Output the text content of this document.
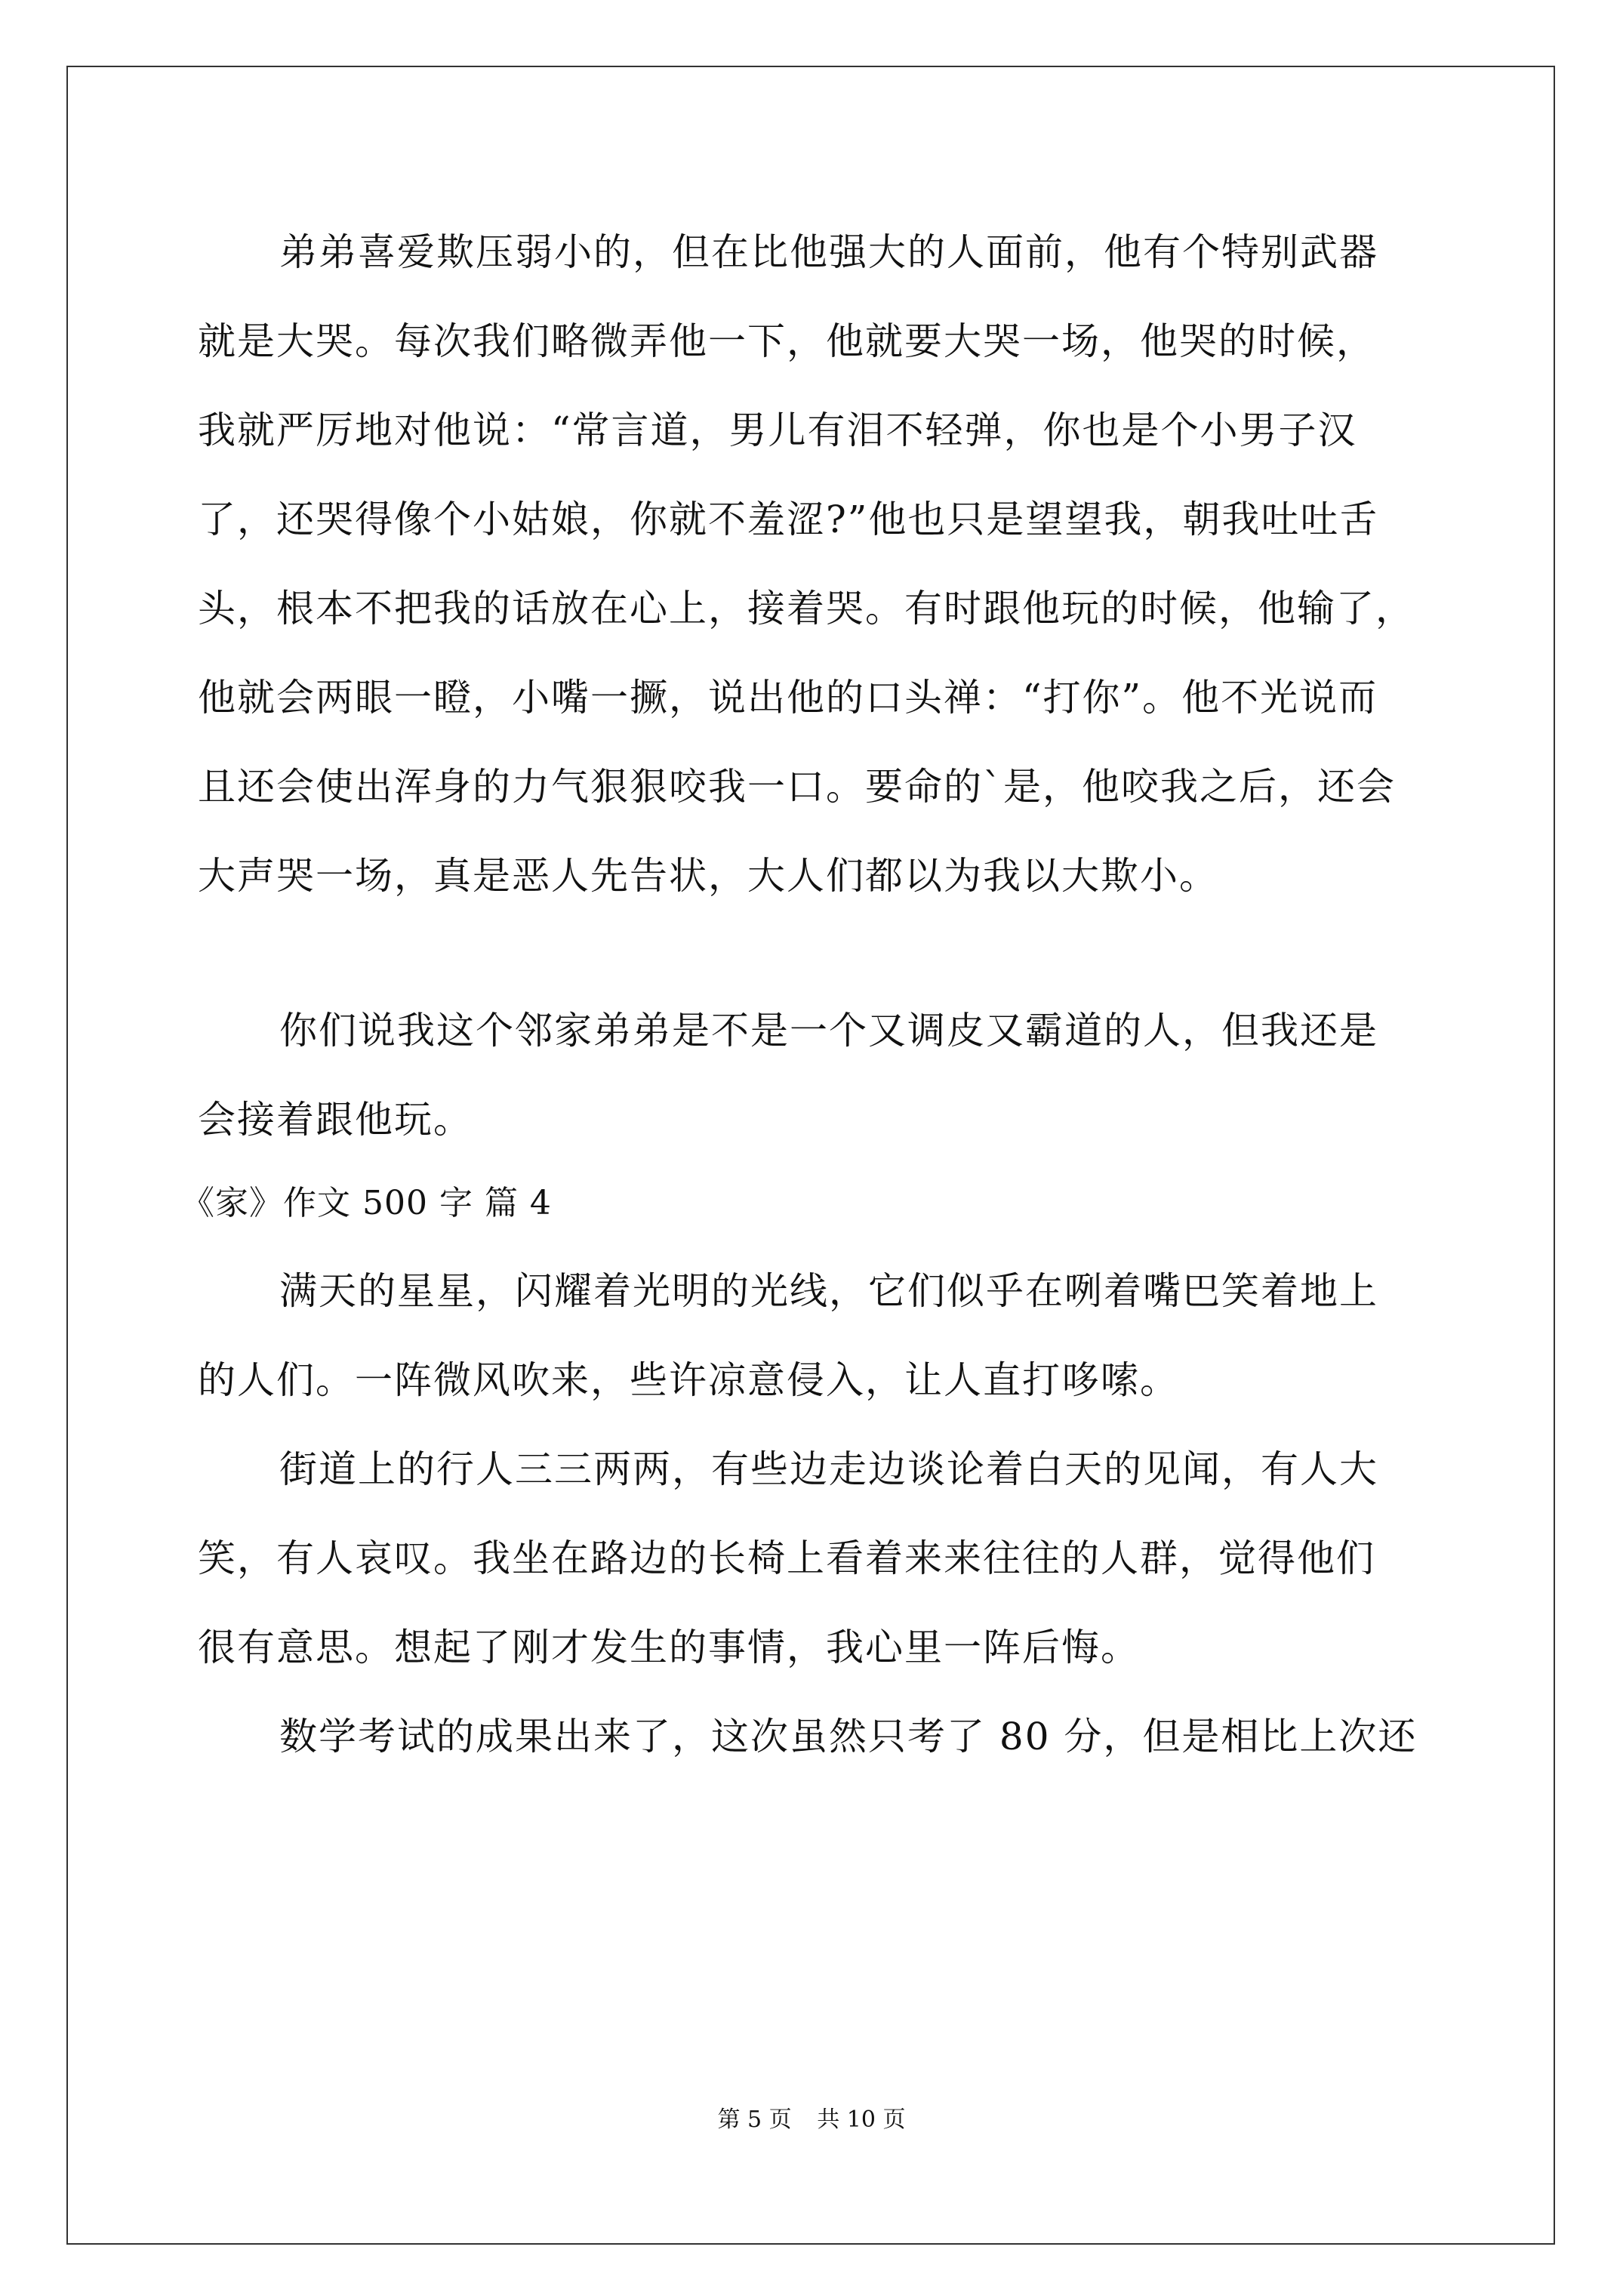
弟弟喜爱欺压弱小的，但在比他强大的人面前，他有个特别武器
就是大哭。每次我们略微弄他一下，他就要大哭一场，他哭的时候，
我就严厉地对他说：“常言道，男儿有泪不轻弹，你也是个小男子汉
了，还哭得像个小姑娘，你就不羞涩?”他也只是望望我，朝我吐吐舌
头，根本不把我的话放在心上，接着哭。有时跟他玩的时候，他输了，
他就会两眼一瞪，小嘴一撅，说出他的口头禅：“打你”。他不光说而
且还会使出浑身的力气狠狠咬我一口。要命的`是，他咬我之后，还会
大声哭一场，真是恶人先告状，大人们都以为我以大欺小。
你们说我这个邻家弟弟是不是一个又调皮又霸道的人，但我还是
会接着跟他玩。
《家》作文 500 字 篇 4
满天的星星，闪耀着光明的光线，它们似乎在咧着嘴巴笑着地上
的人们。一阵微风吹来，些许凉意侵入，让人直打哆嗦。
街道上的行人三三两两，有些边走边谈论着白天的见闻，有人大
笑，有人哀叹。我坐在路边的长椅上看着来来往往的人群，觉得他们
很有意思。想起了刚才发生的事情，我心里一阵后悔。
数学考试的成果出来了，这次虽然只考了 80 分，但是相比上次还
第 5 页 共 10 页
